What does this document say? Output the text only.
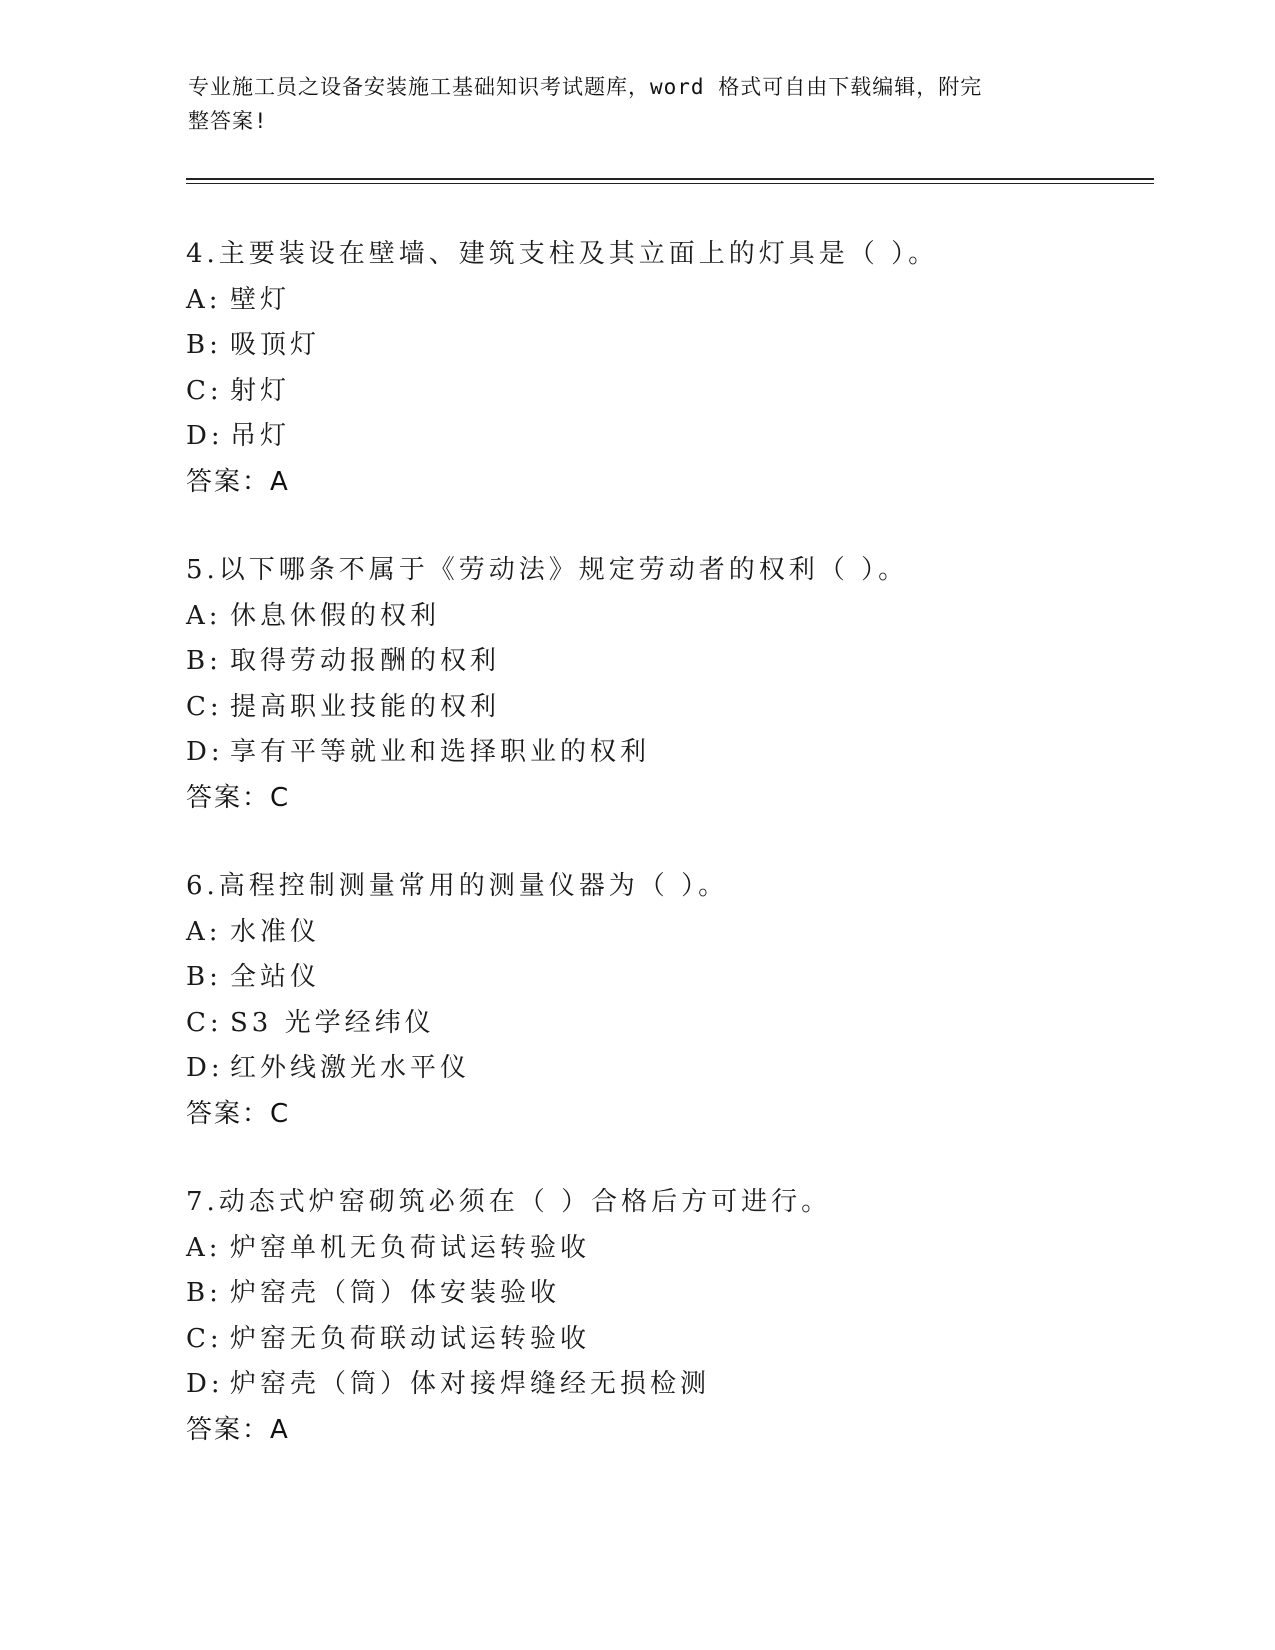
专业施工员之设备安装施工基础知识考试题库，word 格式可自由下载编辑，附完
整答案!
4.主要装设在壁墙、建筑支柱及其立面上的灯具是（ ）。
A: 壁灯
B: 吸顶灯
C: 射灯
D: 吊灯
答案：A
5.以下哪条不属于《劳动法》规定劳动者的权利（ ）。
A: 休息休假的权利
B: 取得劳动报酬的权利
C: 提高职业技能的权利
D: 享有平等就业和选择职业的权利
答案：C
6.高程控制测量常用的测量仪器为（ ）。
A: 水准仪
B: 全站仪
C: S3 光学经纬仪
D: 红外线激光水平仪
答案：C
7.动态式炉窑砌筑必须在（ ）合格后方可进行。
A: 炉窑单机无负荷试运转验收
B: 炉窑壳（筒）体安装验收
C: 炉窑无负荷联动试运转验收
D: 炉窑壳（筒）体对接焊缝经无损检测
答案：A
